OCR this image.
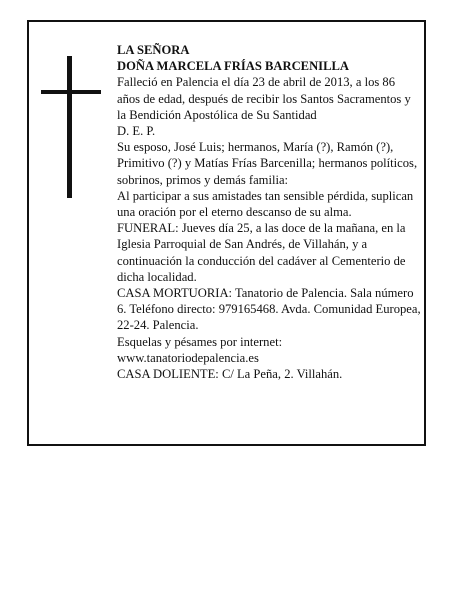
LA SEÑORA

DOÑA MARCELA FRÍAS BARCENILLA

Falleció en Palencia el día 23 de abril de 2013, a los 86 años de edad, después de recibir los Santos Sacramentos y la Bendición Apostólica de Su Santidad

D. E. P.

Su esposo, José Luis; hermanos, María (?), Ramón (?), Primitivo (?) y Matías Frías Barcenilla; hermanos políticos, sobrinos, primos y demás familia:

Al participar a sus amistades tan sensible pérdida, suplican una oración por el eterno descanso de su alma.

FUNERAL: Jueves día 25, a las doce de la mañana, en la Iglesia Parroquial de San Andrés, de Villahán, y a continuación la conducción del cadáver al Cementerio de dicha localidad.

CASA MORTUORIA: Tanatorio de Palencia. Sala número 6. Teléfono directo: 979165468. Avda. Comunidad Europea, 22-24. Palencia.

Esquelas y pésames por internet:

www.tanatoriodepalencia.es

CASA DOLIENTE: C/ La Peña, 2. Villahán.
